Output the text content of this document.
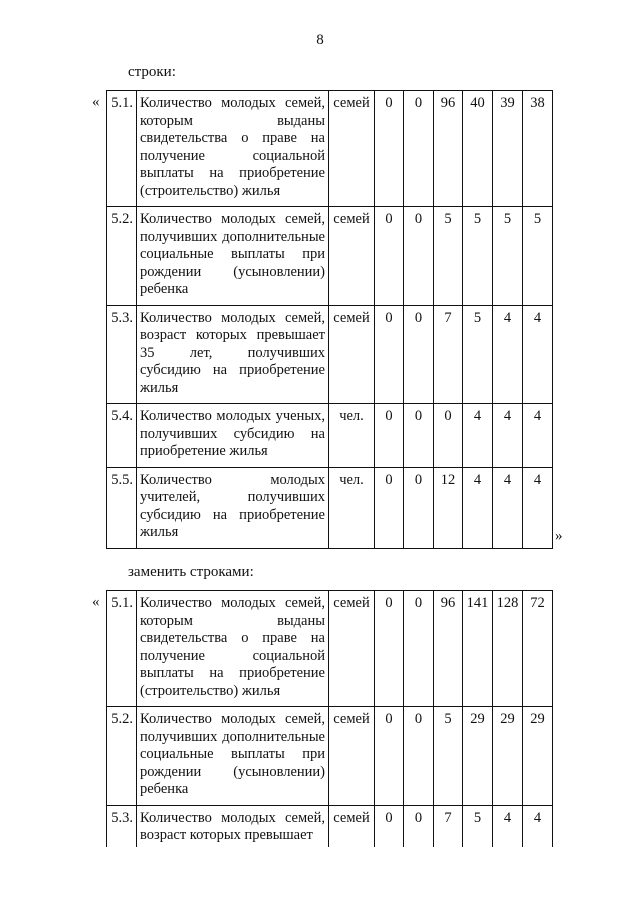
8
строки:
«
»
5.1.	Количество молодых семей, которым выданы свидетельства о праве на получение социальной выплаты на приобретение (строительство) жилья	семей	0	0	96	40	39	38
5.2.	Количество молодых семей, получивших дополнительные социальные выплаты при рождении (усыновлении) ребенка	семей	0	0	5	5	5	5
5.3.	Количество молодых семей, возраст которых превышает 35 лет, получивших субсидию на приобретение жилья	семей	0	0	7	5	4	4
5.4.	Количество молодых ученых, получивших субсидию на приобретение жилья	чел.	0	0	0	4	4	4
5.5.	Количество молодых учителей, получивших субсидию на приобретение жилья	чел.	0	0	12	4	4	4
заменить строками:
« 5.1.	Количество молодых семей, которым выданы свидетельства о праве на получение социальной выплаты на приобретение (строительство) жилья	семей	0	0	96	141	128	72
5.2.	Количество молодых семей, получивших дополнительные социальные выплаты при рождении (усыновлении) ребенка	семей	0	0	5	29	29	29
5.3.	Количество молодых семей, возраст которых превышает	семей	0	0	7	5	4	4
